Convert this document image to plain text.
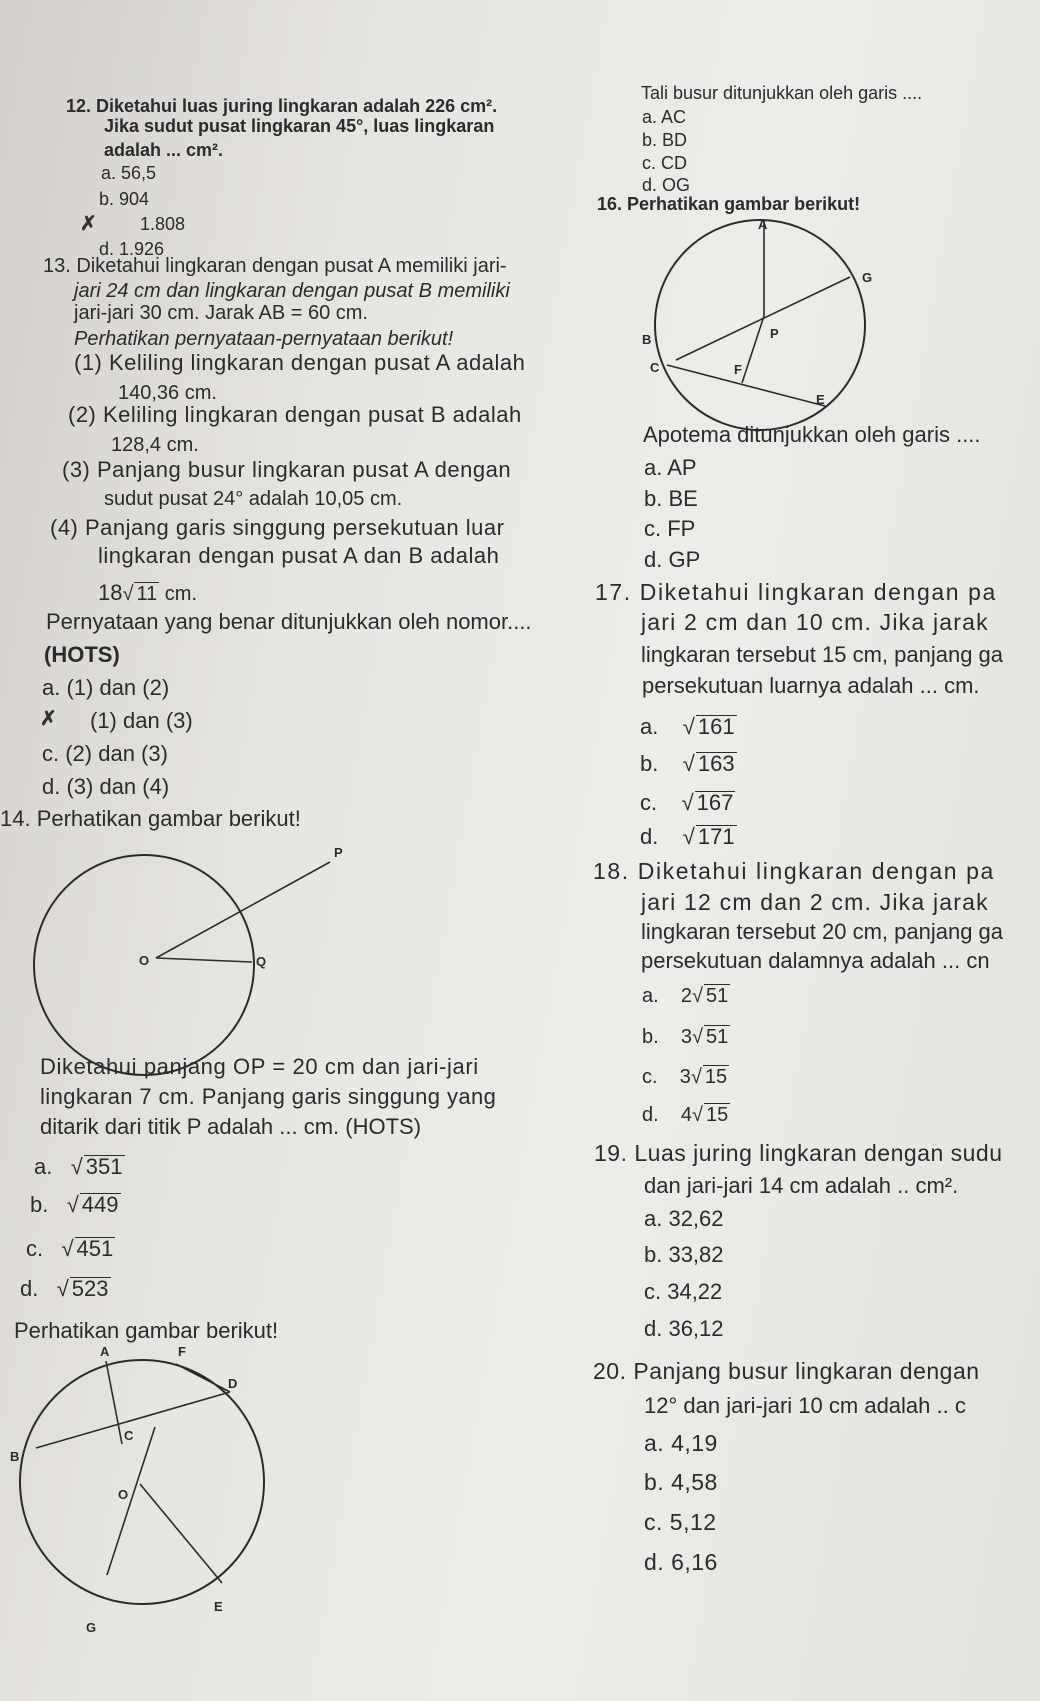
12. Diketahui luas juring lingkaran adalah 226 cm².
Jika sudut pusat lingkaran 45°, luas lingkaran
adalah ... cm².
a. 56,5
b. 904
✗ 1.808
d. 1.926
13. Diketahui lingkaran dengan pusat A memiliki jari-
jari 24 cm dan lingkaran dengan pusat B memiliki
jari-jari 30 cm. Jarak AB = 60 cm.
Perhatikan pernyataan-pernyataan berikut!
(1) Keliling lingkaran dengan pusat A adalah
140,36 cm.
(2) Keliling lingkaran dengan pusat B adalah
128,4 cm.
(3) Panjang busur lingkaran pusat A dengan
sudut pusat 24° adalah 10,05 cm.
(4) Panjang garis singgung persekutuan luar
lingkaran dengan pusat A dan B adalah
18√ 11 cm.
Pernyataan yang benar ditunjukkan oleh nomor....
(HOTS)
a. (1) dan (2)
✗ (1) dan (3)
c. (2) dan (3)
d. (3) dan (4)
14. Perhatikan gambar berikut!
P
O	Q
Diketahui panjang OP = 20 cm dan jari-jari
lingkaran 7 cm. Panjang garis singgung yang
ditarik dari titik P adalah ... cm. (HOTS)
a.   √ 351
b.   √ 449
c.   √ 451
d.   √ 523
Perhatikan gambar berikut!
A	F
D
C
B
O
G
E
Tali busur ditunjukkan oleh garis ....
a. AC
b. BD
c. CD
d. OG
16. Perhatikan gambar berikut!
A
G
P
B
C	F
E
Apotema ditunjukkan oleh garis ....
a. AP
b. BE
c. FP
d. GP
17. Diketahui lingkaran dengan pa
jari 2 cm dan 10 cm. Jika jarak
lingkaran tersebut 15 cm, panjang ga
persekutuan luarnya adalah ... cm.
a.    √ 161
b.    √ 163
c.    √ 167
d.    √ 171
18. Diketahui lingkaran dengan pa
jari 12 cm dan 2 cm. Jika jarak
lingkaran tersebut 20 cm, panjang ga
persekutuan dalamnya adalah ... cn
a. 2√ 51
b. 3√ 51
c. 3√ 15
d. 4√ 15
19. Luas juring lingkaran dengan sudu
dan jari-jari 14 cm adalah .. cm².
a. 32,62
b. 33,82
c. 34,22
d. 36,12
20. Panjang busur lingkaran dengan
12° dan jari-jari 10 cm adalah .. c
a. 4,19
b. 4,58
c. 5,12
d. 6,16
